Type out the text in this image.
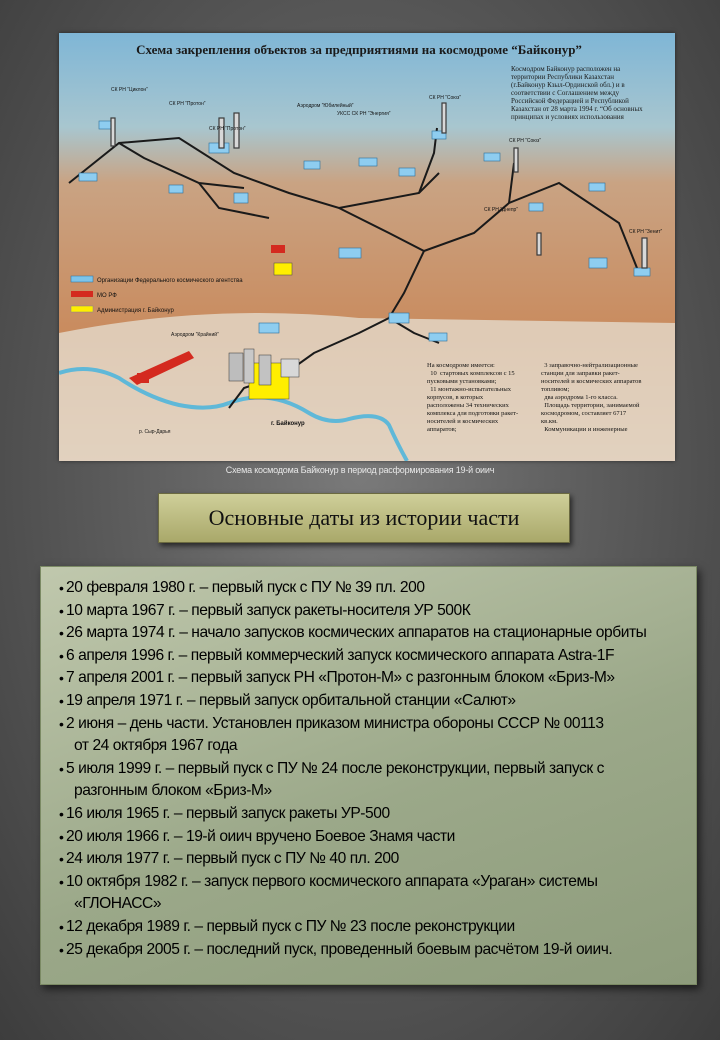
Схема закрепления объектов за предприятиями на космодроме “Байконур”
Космодром Байконур расположен на
территории Республики Казахстан
(г.Байконур Кзыл-Ординской обл.) и в
соответствии с Соглашением между
Российской Федерацией и Республикой
Казахстан от 28 марта 1994 г. “Об основных
принципах и условиях использования
СК РН “Циклон”
СК РН “Протон”
СК РН “Протон”
Аэродром “Юбилейный”
УКСС СК РН “Энергия”
СК РН “Союз”
СК РН “Союз”
СК РН “Днепр”
СК РН “Зенит”
Аэродром “Крайний”
г. Байконур
р. Сыр-Дарья
Организации Федерального космического агентства
МО РФ
Администрация г. Байконур
На космодроме имеется:
10  стартовых комплексов с 15
пусковыми установками;
11 монтажно-испытательных
корпусов, в которых
расположены 34 технических
комплекса для подготовки ракет-
носителей и космических
аппаратов;
3 заправочно-нейтрализационные
станции для заправки ракет-
носителей и космических аппаратов
топливом;
два аэродрома 1-го класса.
Площадь территории, занимаемой
космодромом, составляет 6717
кв.км.
Коммуникации и инженерные
Схема космодома Байконур в период расформирования 19-й оиич
Основные даты из истории части
• 20 февраля 1980 г. – первый пуск с ПУ № 39 пл. 200
• 10 марта 1967 г. – первый запуск ракеты-носителя УР 500К
• 26 марта 1974 г. – начало запусков космических аппаратов на стационарные орбиты
• 6 апреля 1996 г. – первый коммерческий запуск космического аппарата Astra-1F
• 7 апреля 2001 г. – первый запуск РН «Протон-М» с разгонным блоком «Бриз-М»
• 19 апреля 1971 г. – первый запуск орбитальной станции «Салют»
• 2 июня – день части. Установлен приказом министра обороны СССР № 00113
от 24 октября 1967 года
• 5 июля 1999 г. – первый пуск с ПУ № 24 после реконструкции, первый запуск с
разгонным блоком «Бриз-М»
• 16 июля 1965 г. – первый запуск ракеты УР-500
• 20 июля 1966 г. – 19-й оиич вручено Боевое Знамя части
• 24 июля 1977 г. – первый пуск с ПУ № 40 пл. 200
• 10 октября 1982 г. – запуск первого космического аппарата «Ураган» системы
«ГЛОНАСС»
• 12 декабря 1989 г. – первый пуск с ПУ № 23 после реконструкции
• 25 декабря 2005 г. – последний пуск, проведенный боевым расчётом 19-й оиич.
